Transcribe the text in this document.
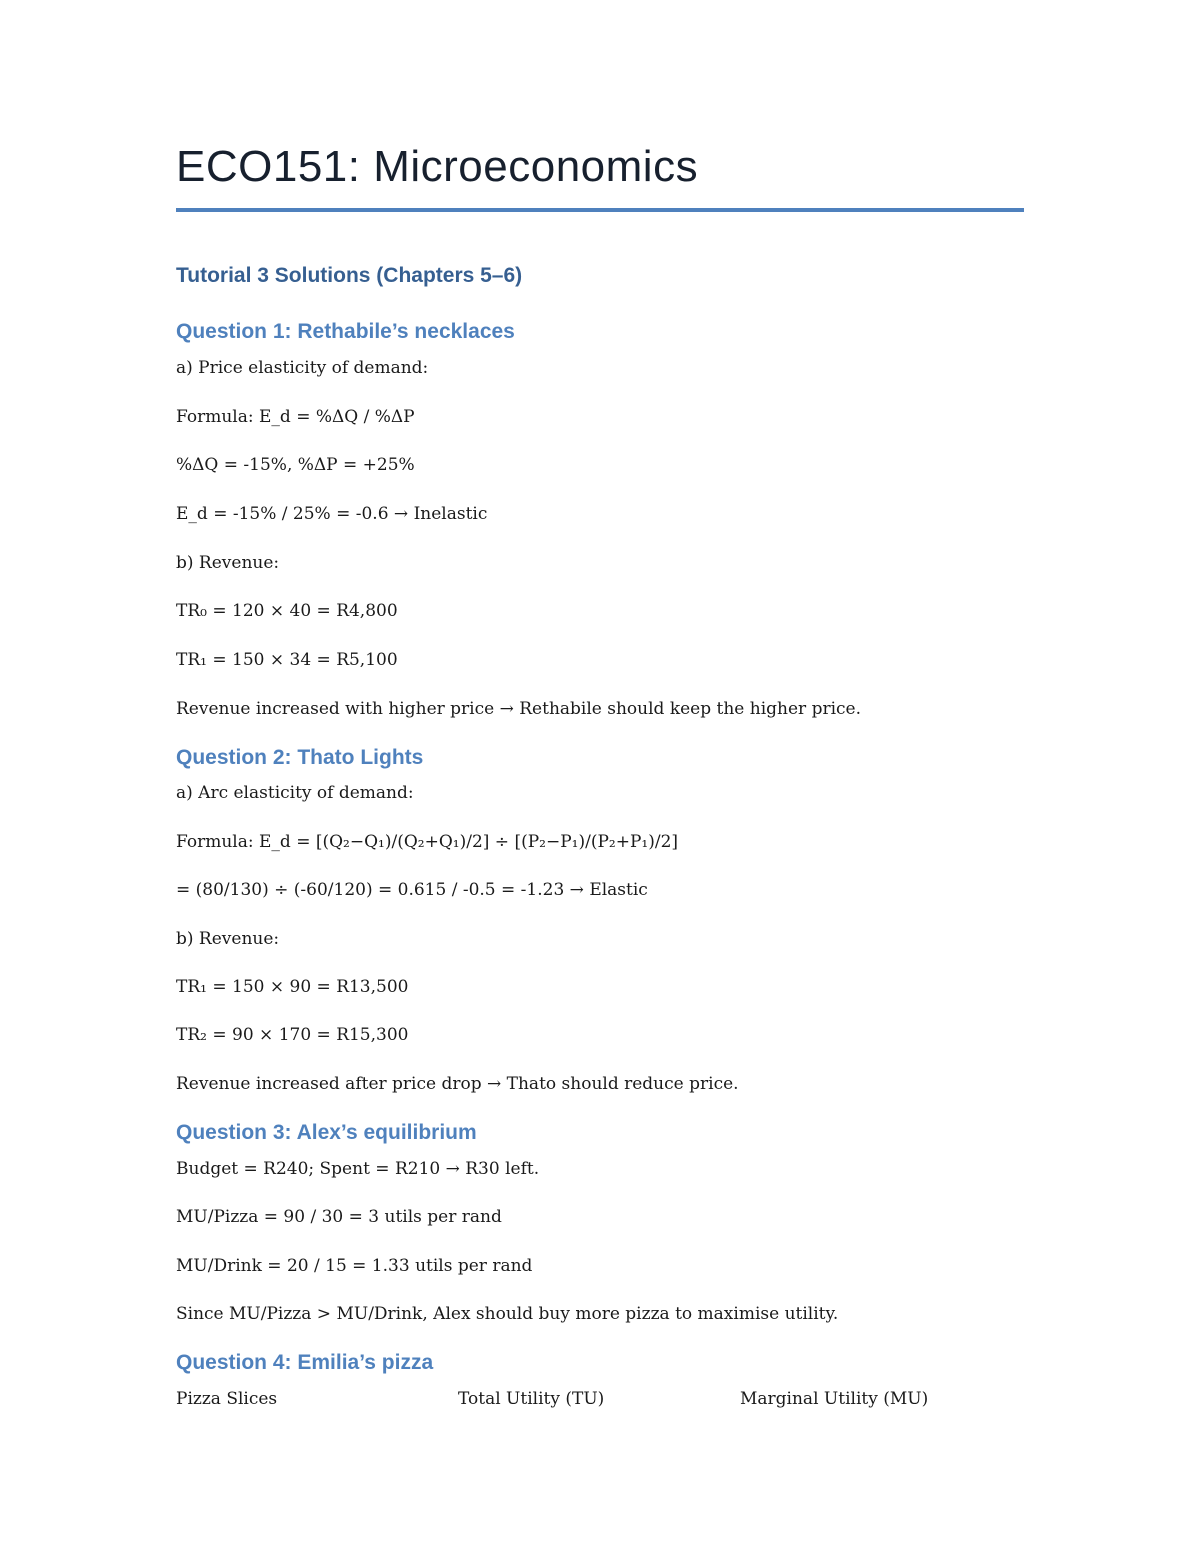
ECO151: Microeconomics
Tutorial 3 Solutions (Chapters 5–6)
Question 1: Rethabile’s necklaces
a) Price elasticity of demand:
Formula: E_d = %ΔQ / %ΔP
%ΔQ = -15%, %ΔP = +25%
E_d = -15% / 25% = -0.6 → Inelastic
b) Revenue:
TR₀ = 120 × 40 = R4,800
TR₁ = 150 × 34 = R5,100
Revenue increased with higher price → Rethabile should keep the higher price.
Question 2: Thato Lights
a) Arc elasticity of demand:
Formula: E_d = [(Q₂−Q₁)/(Q₂+Q₁)/2] ÷ [(P₂−P₁)/(P₂+P₁)/2]
= (80/130) ÷ (-60/120) = 0.615 / -0.5 = -1.23 → Elastic
b) Revenue:
TR₁ = 150 × 90 = R13,500
TR₂ = 90 × 170 = R15,300
Revenue increased after price drop → Thato should reduce price.
Question 3: Alex’s equilibrium
Budget = R240; Spent = R210 → R30 left.
MU/Pizza = 90 / 30 = 3 utils per rand
MU/Drink = 20 / 15 = 1.33 utils per rand
Since MU/Pizza > MU/Drink, Alex should buy more pizza to maximise utility.
Question 4: Emilia’s pizza
Pizza Slices	Total Utility (TU)	Marginal Utility (MU)
